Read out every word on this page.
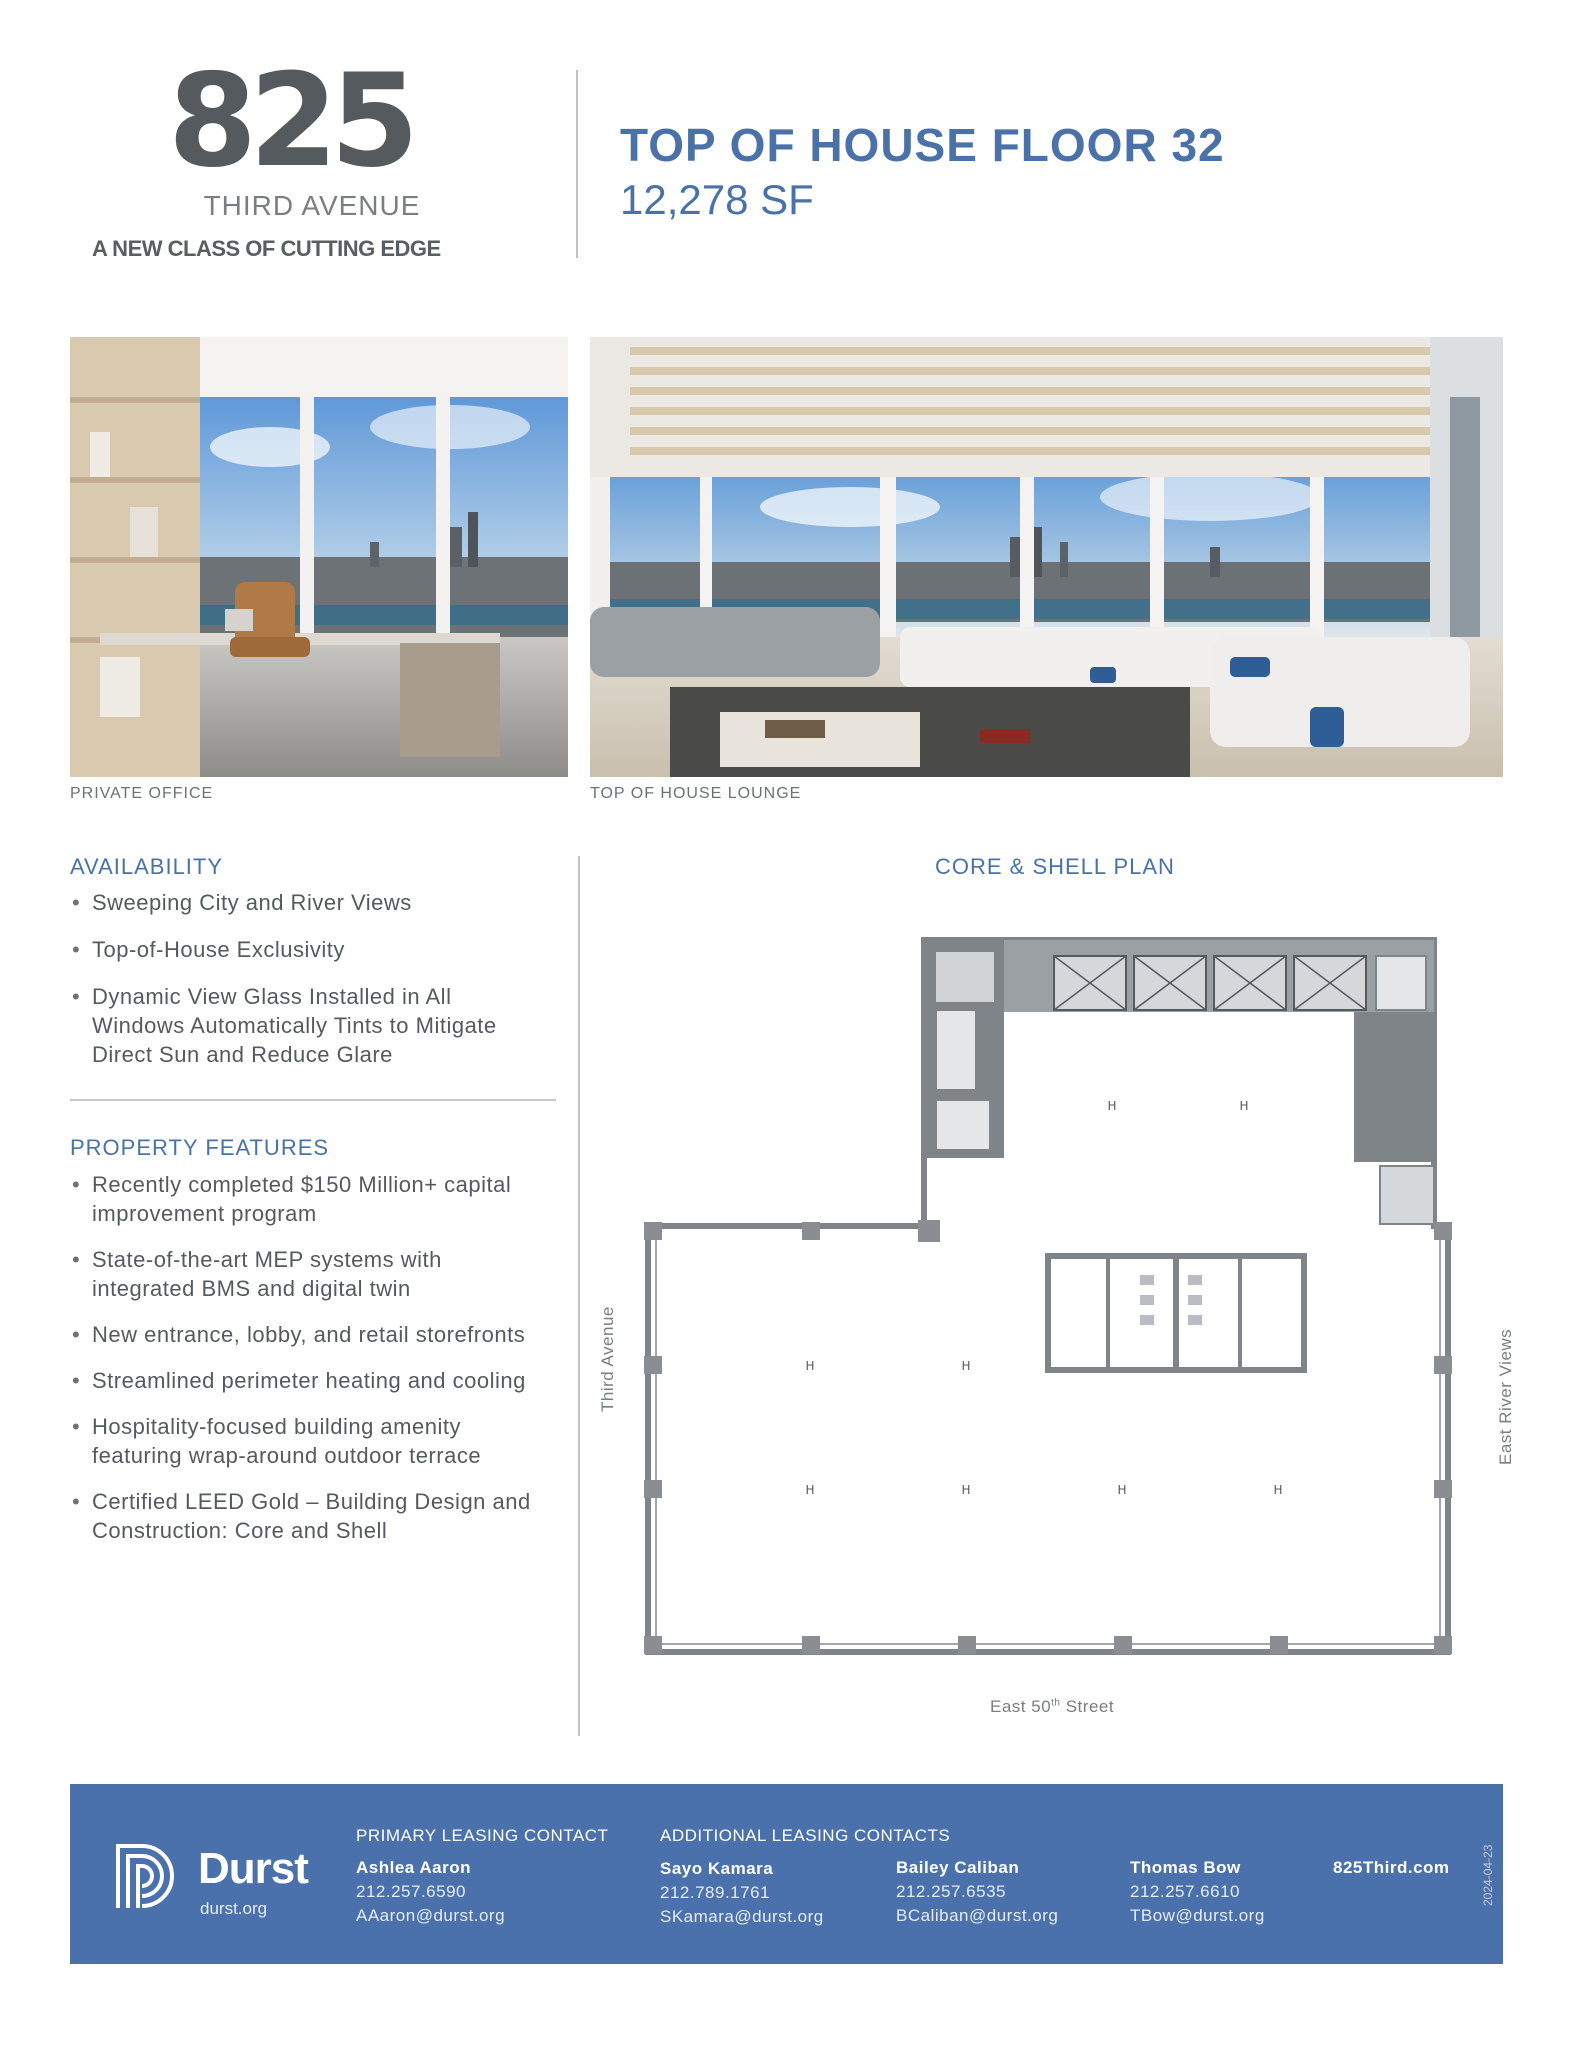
825
THIRD AVENUE
A NEW CLASS OF CUTTING EDGE
TOP OF HOUSE FLOOR 32
12,278 SF
PRIVATE OFFICE	TOP OF HOUSE LOUNGE
AVAILABILITY
• Sweeping City and River Views
• Top-of-House Exclusivity
• Dynamic View Glass Installed in All Windows Automatically Tints to Mitigate Direct Sun and Reduce Glare
PROPERTY FEATURES
• Recently completed $150 Million+ capital improvement program
• State-of-the-art MEP systems with integrated BMS and digital twin
• New entrance, lobby, and retail storefronts
• Streamlined perimeter heating and cooling
• Hospitality-focused building amenity featuring wrap-around outdoor terrace
• Certified LEED Gold – Building Design and Construction: Core and Shell
CORE & SHELL PLAN
Third Avenue	East River Views
East 50th Street
H	H
H	H
H	H	H	H
Durst
durst.org
PRIMARY LEASING CONTACT
Ashlea Aaron
212.257.6590
AAaron@durst.org
ADDITIONAL LEASING CONTACTS
Sayo Kamara
212.789.1761
SKamara@durst.org
Bailey Caliban
212.257.6535
BCaliban@durst.org
Thomas Bow
212.257.6610
TBow@durst.org
825Third.com	2024-04-23
